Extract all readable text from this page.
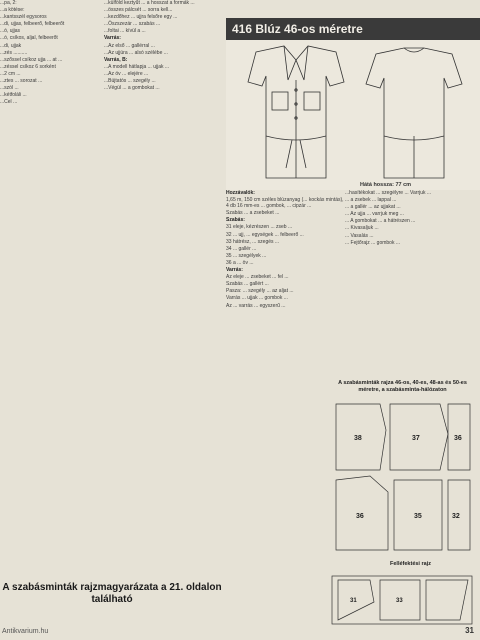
...pa, 2:

...a kötése:

...kantsszél egysoros

...di, ujjas, felbeerő, felbeerőt

...ó, ujjas

...ó, csíkos, aljal, felbeerőt

...di, ujjak

...zés ..........

...szőssel csíkoz ujja ... at ...

...zéssel csíkoz 6 sorként

...2 cm ...

...ztes ... sorozat ...

...szól ...

...kétfoláli ...

...Cel ...

...külföld keztyűt ... a hosszat a formák ...

...összes pálcsét ... sorra kell...

...kezdőhez ... ujjra felsőre egy ...

...Öszszezár ... szabás ...

...foltai ... kívül a ...

Varrás:

...Az első ... gallérral ...

...Az ujjúra ... alsó szélébe ...

Varrás, B:

...A modell hátlapja ... ujjak ...

...Az öv ... elejére ...

...Bújtatós ... szegély ...

...Végül ... a gombokat ...

416 Blúz 46-os méretre
Hátá hossza: 77 cm

Hozzávalók:

1,65 m, 150 cm széles blúzanyag (... kockás mintás), 4 db 16 mm-es ... gombok, ... cipzár ...

Szabás ... a zsebeket ...

Szabás:

31 eleje, kézrészen ... zseb ...

32 ... ujj, ... egységek ... felbeerő ...

33 hátrész, ... szegés ...

34 ... gallér ...

35 ... szegélyek ...

36 a ... öv ...

Varrás:

Az eleje ... zsebeket ... fel ...

Szabás ... gallért ...

Pasza: ... szegély ... az aljat ...

Varrás ... ujjak ... gombok ...

Az ... varrás ... egyszerű ...

...hasítékokat ... szegélyre ... Varrjuk ...

... a zsebek ... lappal ...

... a gallér ... az ujjakat ...

... Az ujja ... varrjuk meg ...

... A gombokat ... a hátrészen ...

... Kivasaljuk ...

... Vasalás ...

... Fejtőrajz ... gombok ...

A szabásminták rajza 46-os, 40-es, 48-as és 50-es méretre, a szabásminta-hálózaton
38	37	36
36	35	32
Felléfektési rajz
31	33
A szabásminták rajzmagyarázata a 21. oldalon található
Antikvarium.hu	31
